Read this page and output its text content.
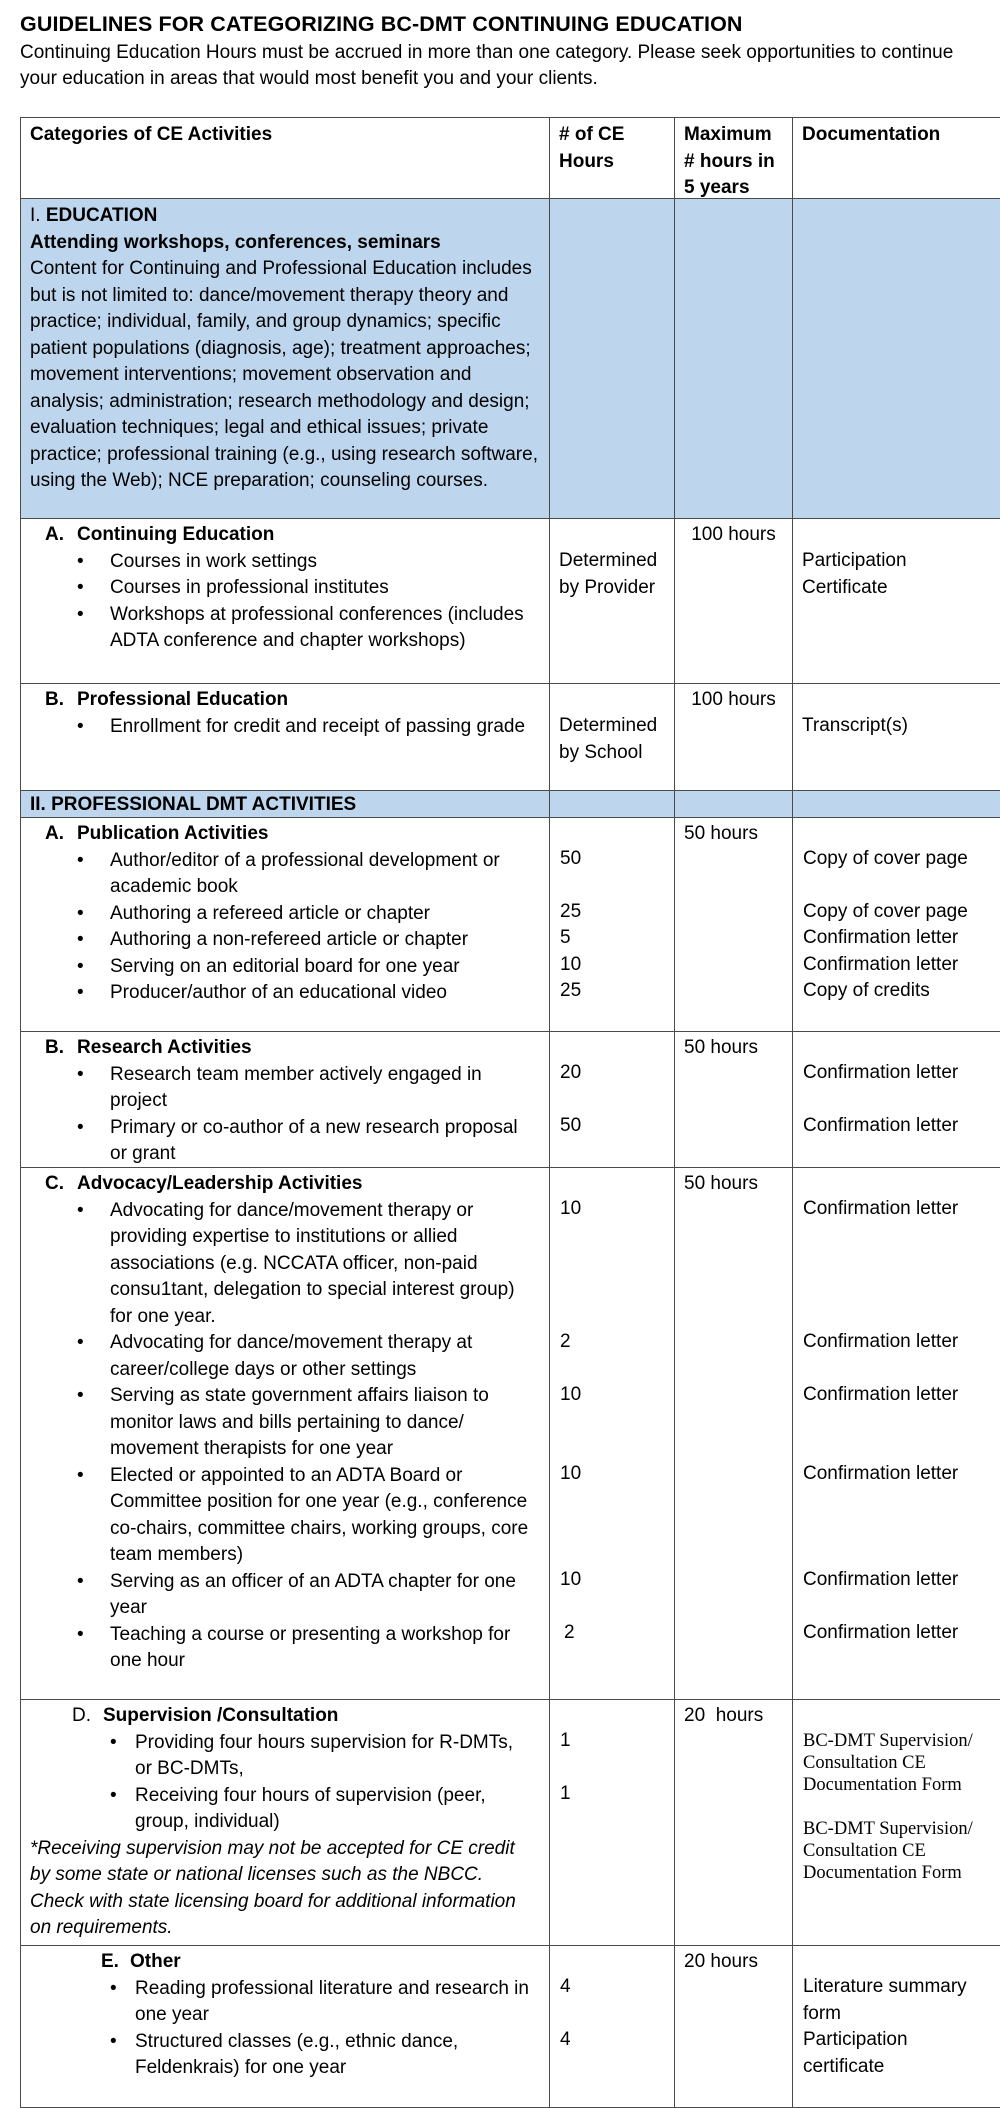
GUIDELINES FOR CATEGORIZING BC-DMT CONTINUING EDUCATION

Continuing Education Hours must be accrued in more than one category. Please seek opportunities to continue your education in areas that would most benefit you and your clients.

Categories of CE Activities	# of CE Hours
Maximum # hours in 5 years
Documentation
I. EDUCATION
Attending workshops, conferences, seminars
Content for Continuing and Professional Education includes but is not limited to: dance/movement therapy theory and practice; individual, family, and group dynamics; specific patient populations (diagnosis, age); treatment approaches; movement interventions; movement observation and analysis; administration; research methodology and design; evaluation techniques; legal and ethical issues; private practice; professional training (e.g., using research software, using the Web); NCE preparation; counseling courses.
A. Continuing Education
• Courses in work settings
• Courses in professional institutes
• Workshops at professional conferences (includes ADTA conference and chapter workshops)
Determined by Provider
100 hours
Participation Certificate
B. Professional Education
• Enrollment for credit and receipt of passing grade	Determined by School
100 hours
Transcript(s)
II. PROFESSIONAL DMT ACTIVITIES
A. Publication Activities
• Author/editor of a professional development or academic book
• Authoring a refereed article or chapter
• Authoring a non-refereed article or chapter
• Serving on an editorial board for one year
• Producer/author of an educational video
50
25
5
10
25
50 hours
Copy of cover page
Copy of cover page
Confirmation letter
Confirmation letter
Copy of credits
B. Research Activities
• Research team member actively engaged in project
• Primary or co-author of a new research proposal or grant
20
50
50 hours
Confirmation letter
Confirmation letter
C. Advocacy/Leadership Activities
• Advocating for dance/movement therapy or providing expertise to institutions or allied associations (e.g. NCCATA officer, non-paid consu1tant, delegation to special interest group) for one year.
• Advocating for dance/movement therapy at career/college days or other settings
• Serving as state government affairs liaison to monitor laws and bills pertaining to dance/ movement therapists for one year
• Elected or appointed to an ADTA Board or Committee position for one year (e.g., conference co-chairs, committee chairs, working groups, core team members)
• Serving as an officer of an ADTA chapter for one year
• Teaching a course or presenting a workshop for one hour
10
2
10
10
10
2
50 hours
Confirmation letter
Confirmation letter
Confirmation letter
Confirmation letter
Confirmation letter
Confirmation letter
D. Supervision /Consultation
• Providing four hours supervision for R-DMTs, or BC-DMTs,
• Receiving four hours of supervision (peer, group, individual)
*Receiving supervision may not be accepted for CE credit by some state or national licenses such as the NBCC. Check with state licensing board for additional information on requirements.
1
1
20  hours
BC-DMT Supervision/ Consultation CE Documentation Form
BC-DMT Supervision/ Consultation CE Documentation Form
E. Other
• Reading professional literature and research in one year
• Structured classes (e.g., ethnic dance, Feldenkrais) for one year
4
4
20 hours
Literature summary form
Participation certificate
